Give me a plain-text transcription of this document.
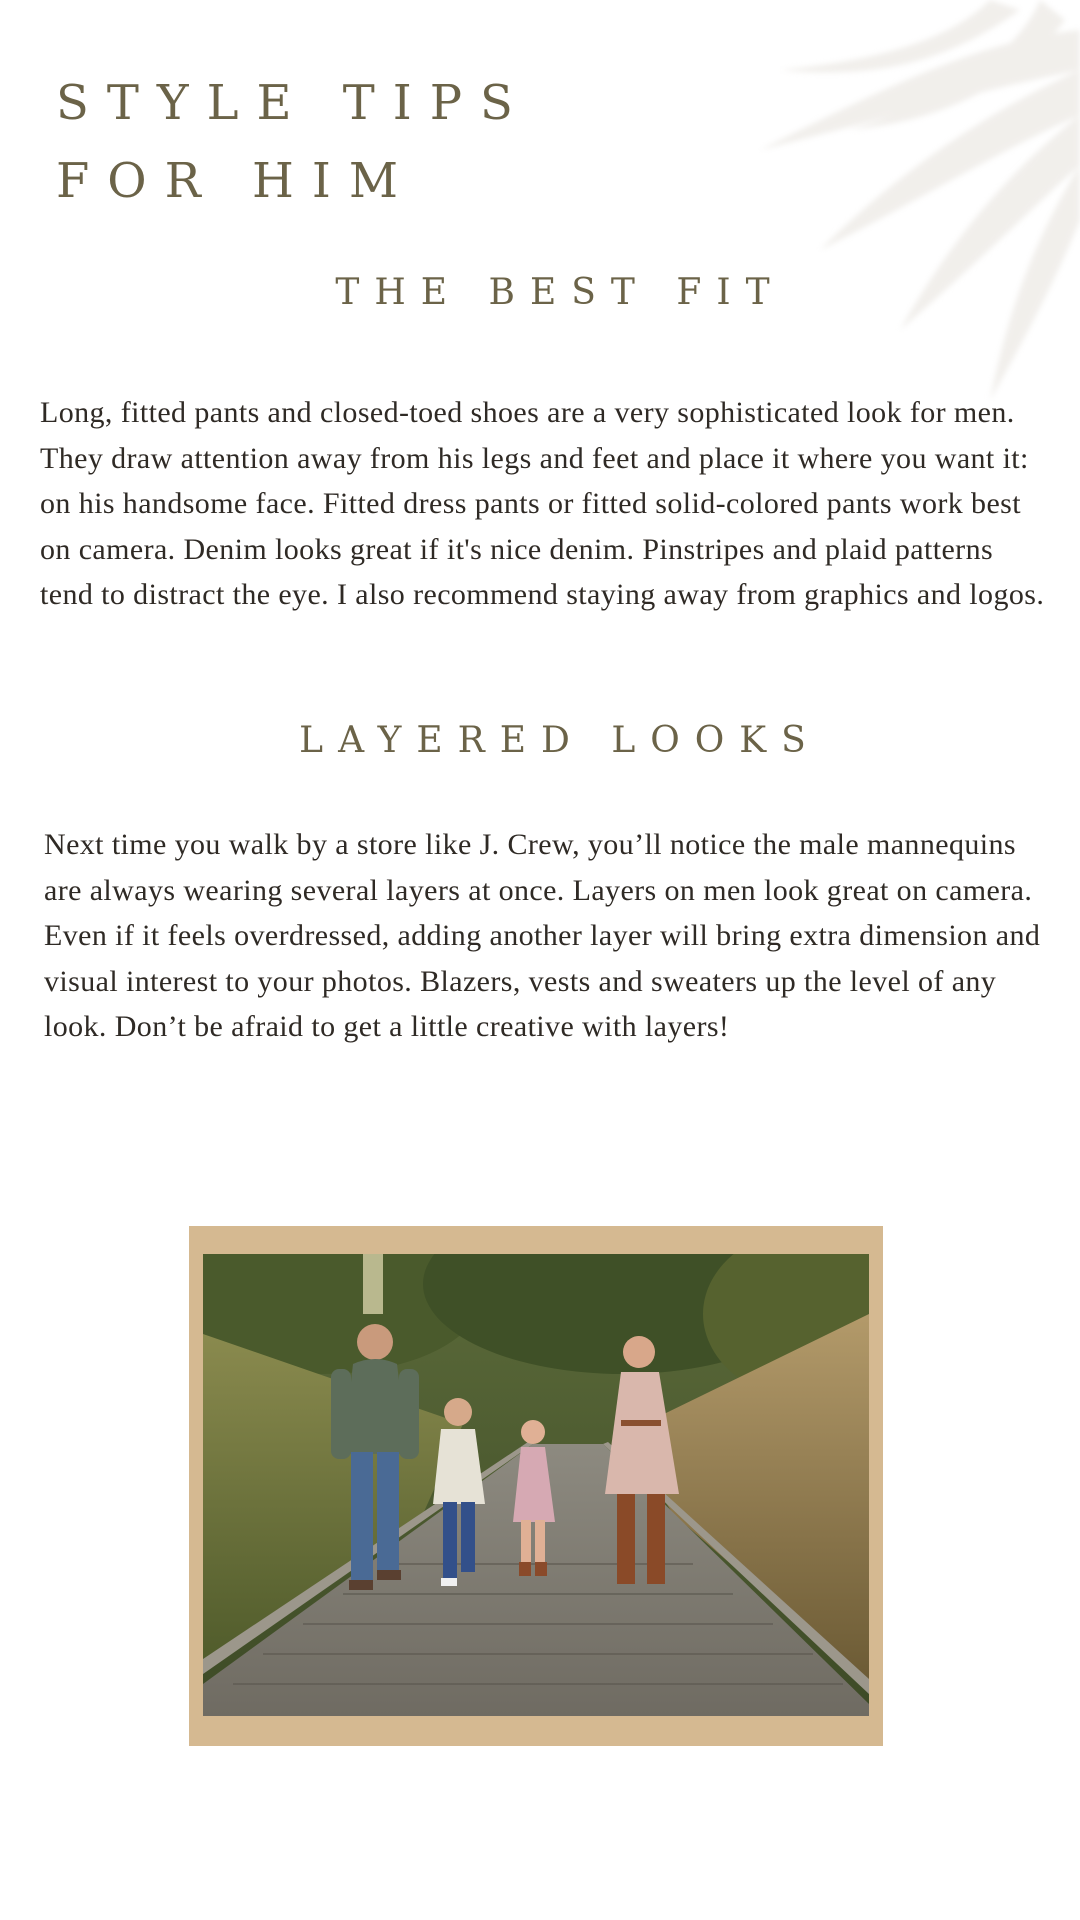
STYLE TIPS
FOR HIM
THE BEST FIT

Long, fitted pants and closed-toed shoes are a very sophisticated look for men. They draw attention away from his legs and feet and place it where you want it: on his handsome face. Fitted dress pants or fitted solid-colored pants work best on camera. Denim looks great if it's nice denim. Pinstripes and plaid patterns tend to distract the eye. I also recommend staying away from graphics and logos.

LAYERED LOOKS

Next time you walk by a store like J. Crew, you’ll notice the male mannequins are always wearing several layers at once. Layers on men look great on camera. Even if it feels overdressed, adding another layer will bring extra dimension and visual interest to your photos. Blazers, vests and sweaters up the level of any look. Don’t be afraid to get a little creative with layers!
